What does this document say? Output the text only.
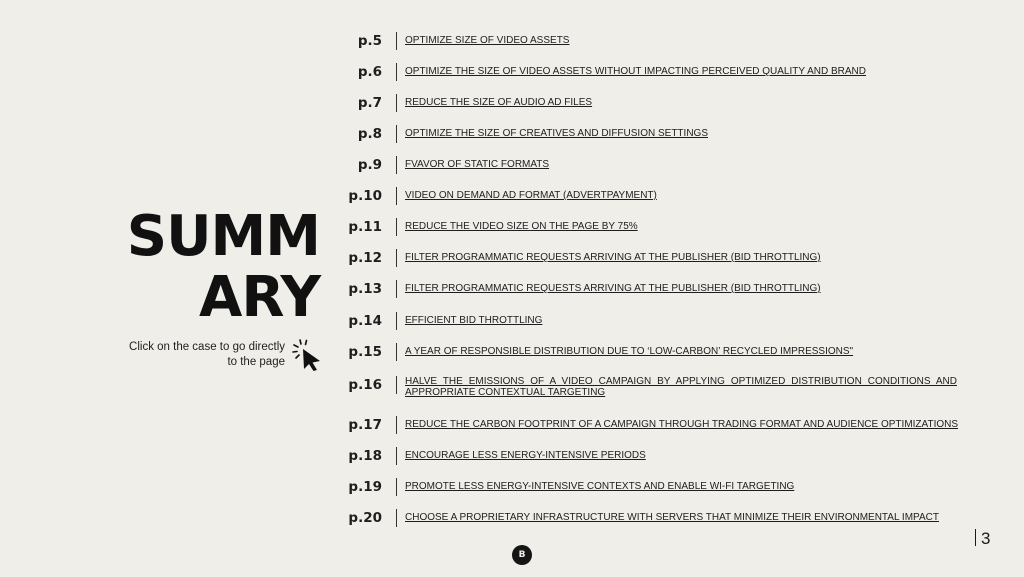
SUMM
ARY
Click on the case to go directly
to the page
p.5 OPTIMIZE SIZE OF VIDEO ASSETS
p.6 OPTIMIZE THE SIZE OF VIDEO ASSETS WITHOUT IMPACTING PERCEIVED QUALITY AND BRAND
p.7 REDUCE THE SIZE OF AUDIO AD FILES
p.8 OPTIMIZE THE SIZE OF CREATIVES AND DIFFUSION SETTINGS
p.9 FVAVOR OF STATIC FORMATS
p.10 VIDEO ON DEMAND AD FORMAT (ADVERTPAYMENT)
p.11 REDUCE THE VIDEO SIZE ON THE PAGE BY 75%
p.12 FILTER PROGRAMMATIC REQUESTS ARRIVING AT THE PUBLISHER (BID THROTTLING)
p.13 FILTER PROGRAMMATIC REQUESTS ARRIVING AT THE PUBLISHER (BID THROTTLING)
p.14 EFFICIENT BID THROTTLING
p.15 A YEAR OF RESPONSIBLE DISTRIBUTION DUE TO ‘LOW-CARBON’ RECYCLED IMPRESSIONS"
p.16 HALVE THE EMISSIONS OF A VIDEO CAMPAIGN BY APPLYING OPTIMIZED DISTRIBUTION CONDITIONS AND APPROPRIATE CONTEXTUAL TARGETING
p.17 REDUCE THE CARBON FOOTPRINT OF A CAMPAIGN THROUGH TRADING FORMAT AND AUDIENCE OPTIMIZATIONS
p.18 ENCOURAGE LESS ENERGY-INTENSIVE PERIODS
p.19 PROMOTE LESS ENERGY-INTENSIVE CONTEXTS AND ENABLE WI-FI TARGETING
p.20 CHOOSE A PROPRIETARY INFRASTRUCTURE WITH SERVERS THAT MINIMIZE THEIR ENVIRONMENTAL IMPACT
3
B
